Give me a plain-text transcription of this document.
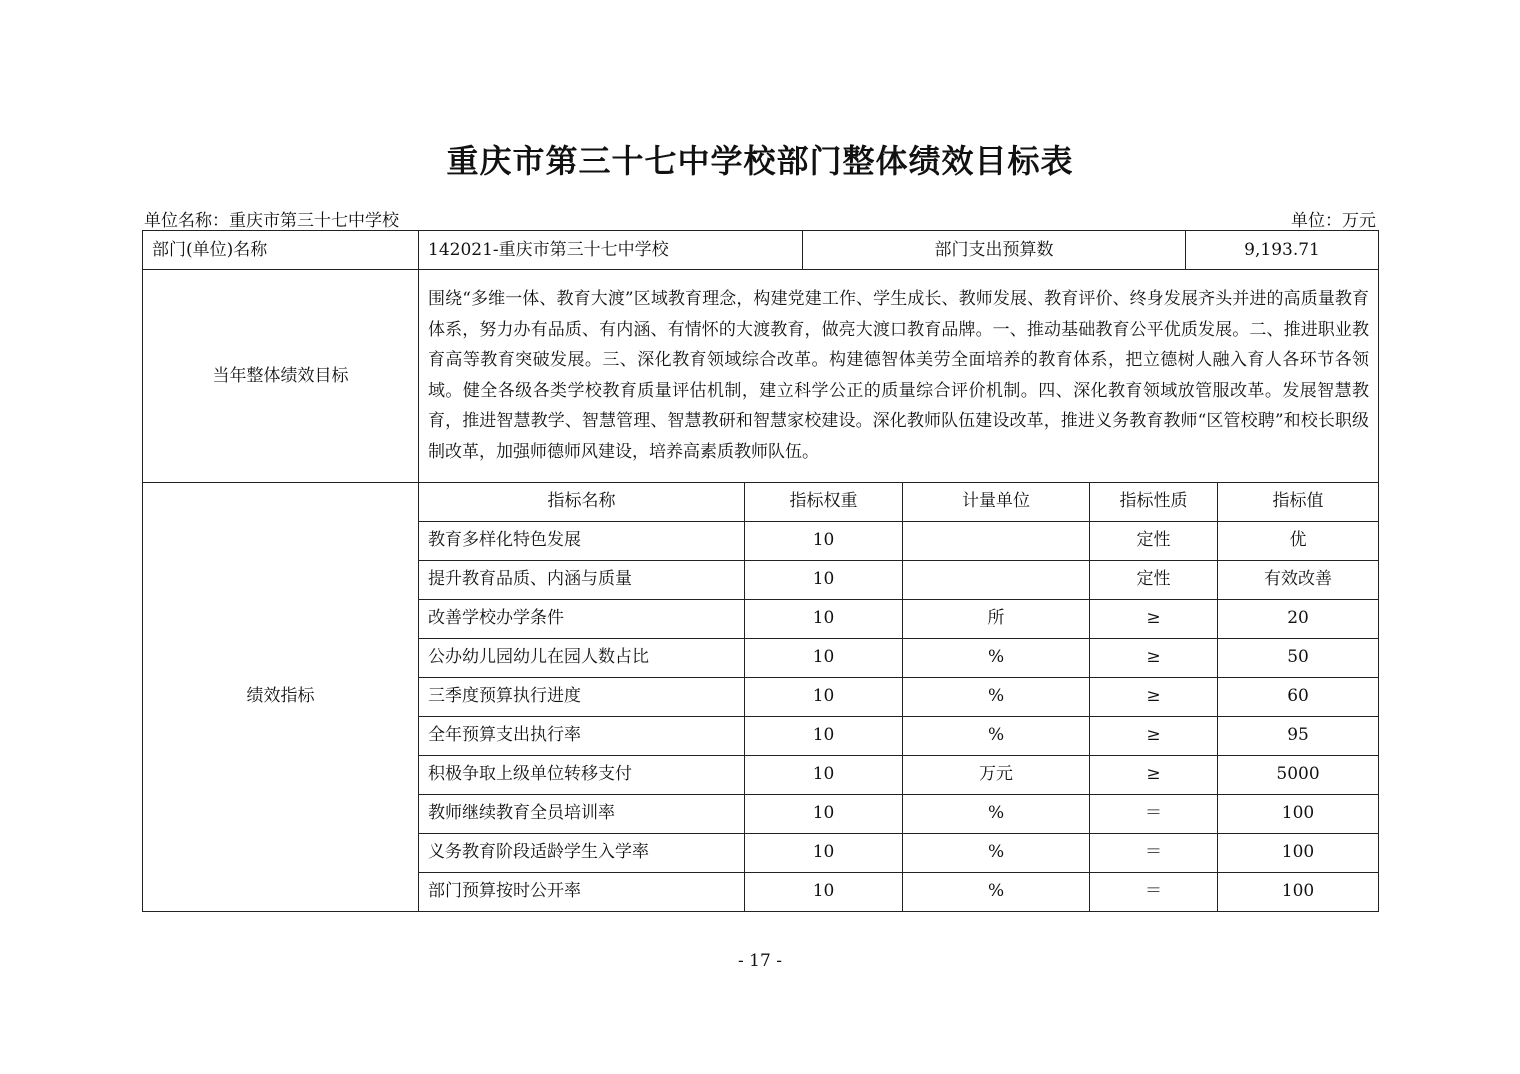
重庆市第三十七中学校部门整体绩效目标表
单位名称：重庆市第三十七中学校	单位：万元
部门(单位)名称	142021-重庆市第三十七中学校		部门支出预算数			9,193.71	
当年整体绩效目标	围绕“多维一体、教育大渡”区域教育理念，构建党建工作、学生成长、教师发展、教育评价、终身发展齐头并进的高质量教育体系，努力办有品质、有内涵、有情怀的大渡教育，做亮大渡口教育品牌。一、推动基础教育公平优质发展。二、推进职业教育高等教育突破发展。三、深化教育领域综合改革。构建德智体美劳全面培养的教育体系，把立德树人融入育人各环节各领域。健全各级各类学校教育质量评估机制，建立科学公正的质量综合评价机制。四、深化教育领域放管服改革。发展智慧教育，推进智慧教学、智慧管理、智慧教研和智慧家校建设。深化教师队伍建设改革，推进义务教育教师“区管校聘”和校长职级制改革，加强师德师风建设，培养高素质教师队伍。						
绩效指标	指标名称	指标权重		计量单位	指标性质		指标值
	教育多样化特色发展	10			定性		优
	提升教育品质、内涵与质量	10			定性		有效改善
	改善学校办学条件	10		所	≥		20
	公办幼儿园幼儿在园人数占比	10		%	≥		50
	三季度预算执行进度	10		%	≥		60
	全年预算支出执行率	10		%	≥		95
	积极争取上级单位转移支付	10		万元	≥		5000
	教师继续教育全员培训率	10		%	＝		100
	义务教育阶段适龄学生入学率	10		%	＝		100
	部门预算按时公开率	10		%	＝		100
- 17 -
